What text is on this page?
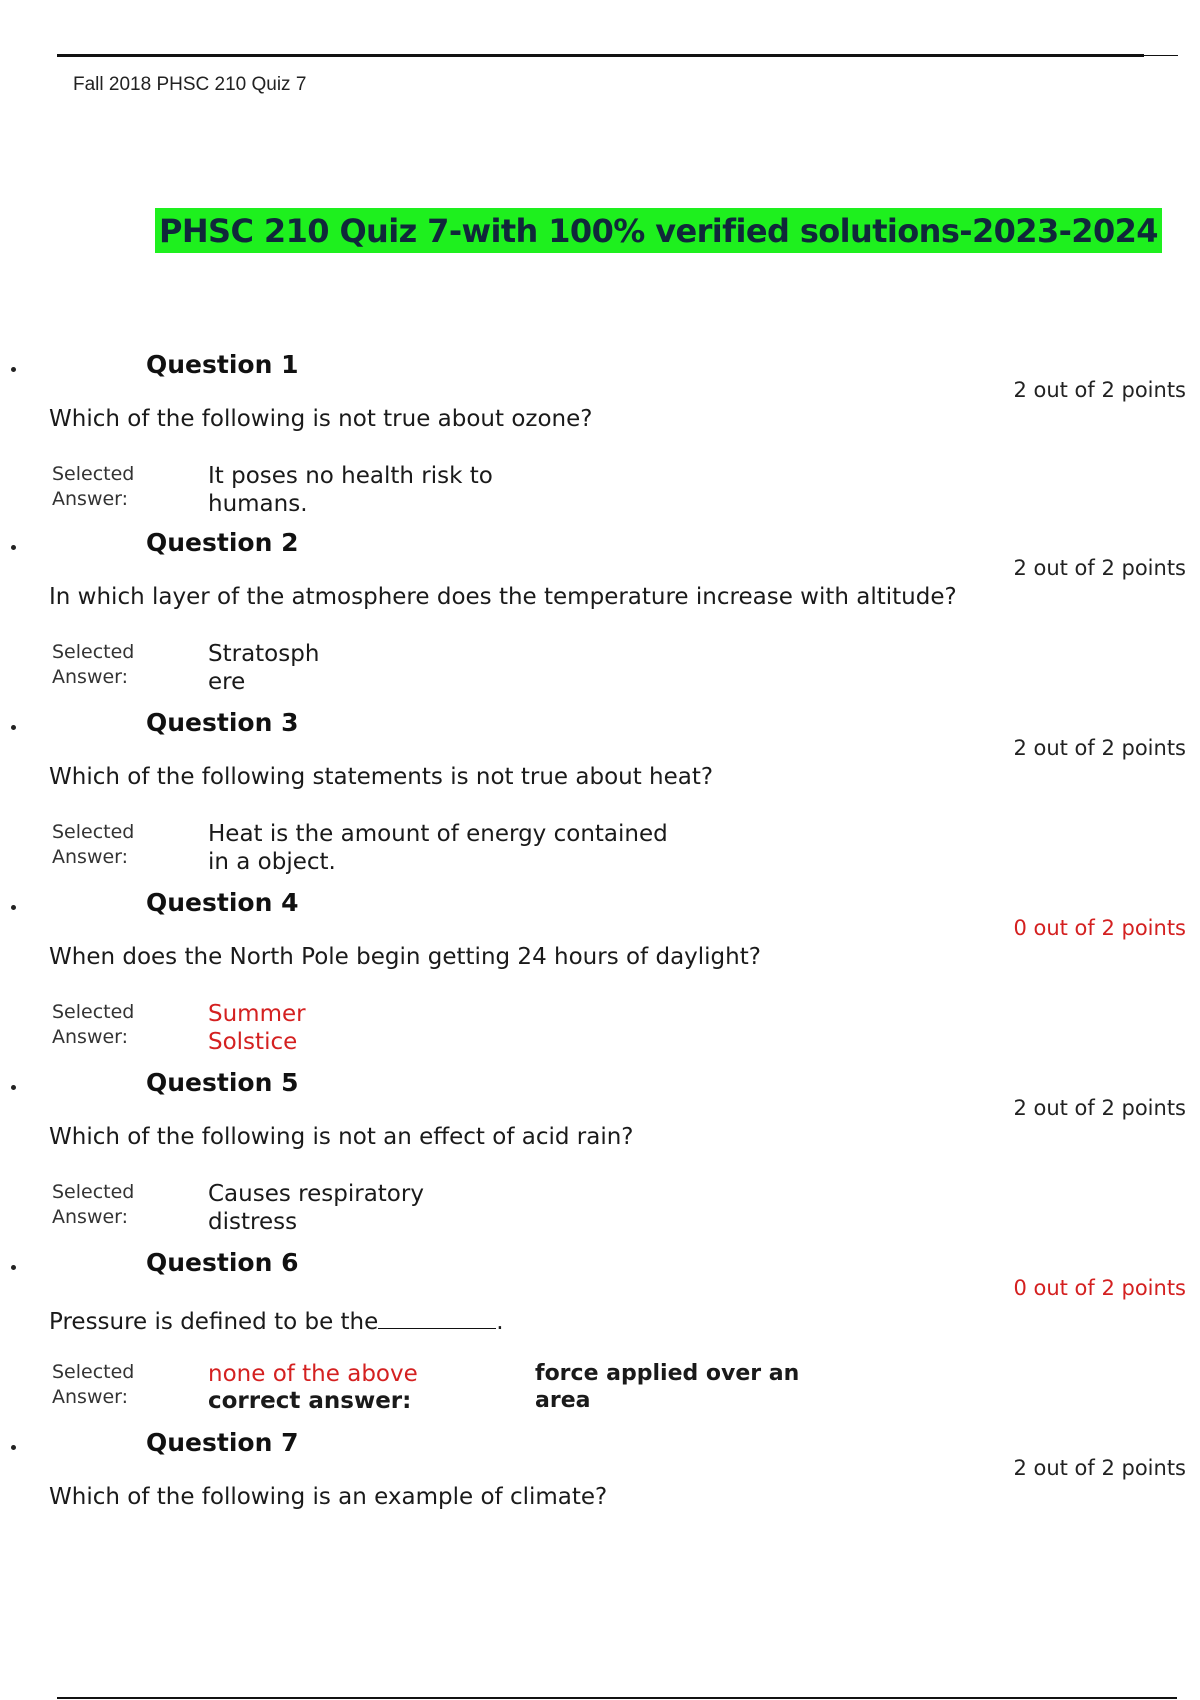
Fall 2018 PHSC 210 Quiz 7
PHSC 210 Quiz 7-with 100% verified solutions-2023-2024
Question 1
2 out of 2 points
Which of the following is not true about ozone?
Selected
Answer:
It poses no health risk to
humans.
Question 2
2 out of 2 points
In which layer of the atmosphere does the temperature increase with altitude?
Selected
Answer:
Stratosph
ere
Question 3
2 out of 2 points
Which of the following statements is not true about heat?
Selected
Answer:
Heat is the amount of energy contained
in a object.
Question 4
0 out of 2 points
When does the North Pole begin getting 24 hours of daylight?
Selected
Answer:
Summer
Solstice
Question 5
2 out of 2 points
Which of the following is not an effect of acid rain?
Selected
Answer:
Causes respiratory
distress
Question 6
0 out of 2 points
Pressure is defined to be the	.
Selected
Answer:
none of the above
correct answer:
force applied over an
area
Question 7
2 out of 2 points
Which of the following is an example of climate?
